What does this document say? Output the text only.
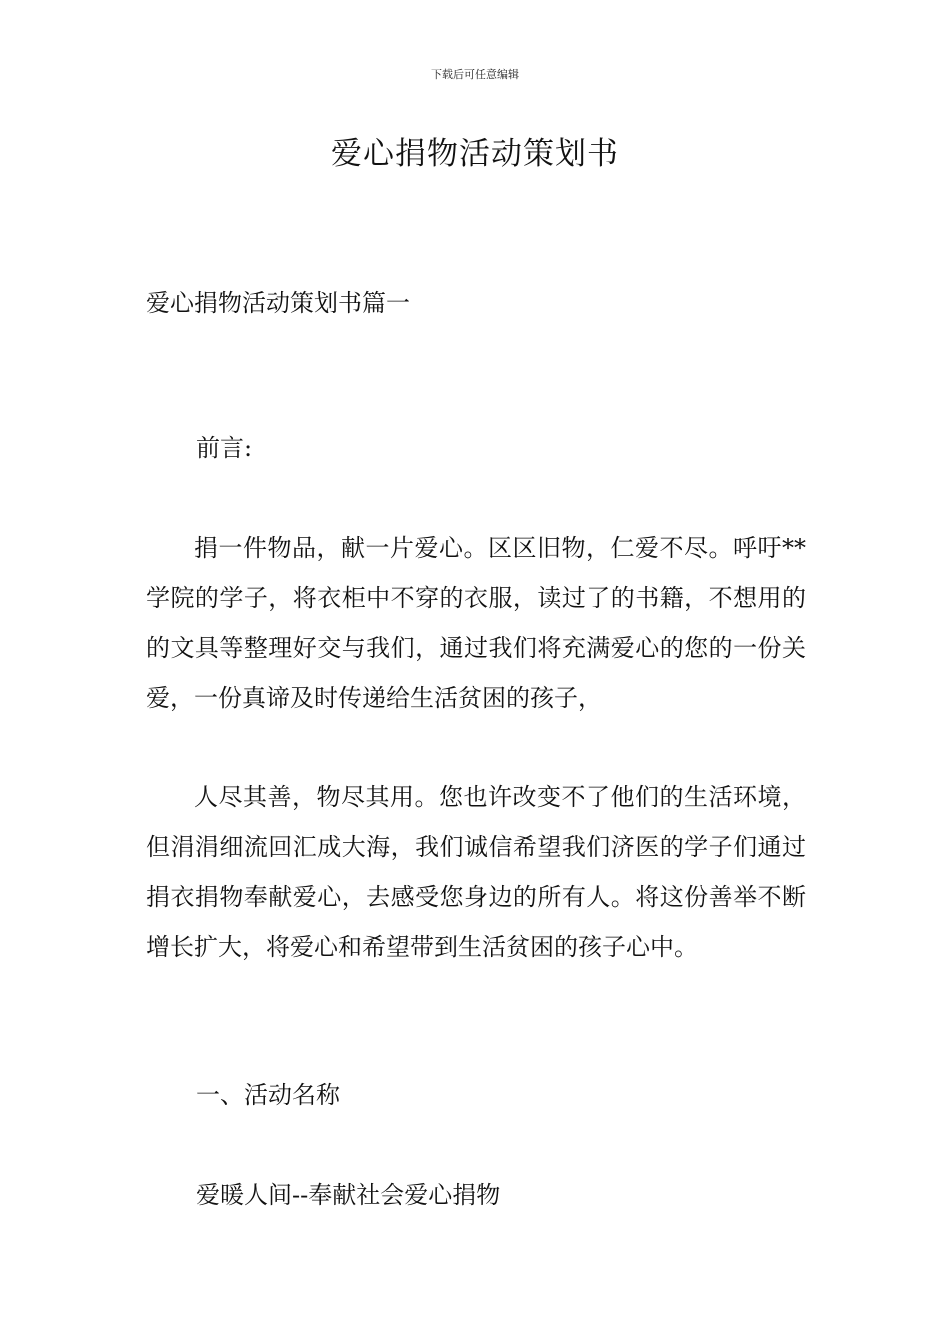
下载后可任意编辑
爱心捐物活动策划书
爱心捐物活动策划书篇一
前言:
捐一件物品，献一片爱心。区区旧物，仁爱不尽。呼吁**学院的学子，将衣柜中不穿的衣服，读过了的书籍，不想用的的文具等整理好交与我们，通过我们将充满爱心的您的一份关爱，一份真谛及时传递给生活贫困的孩子，
人尽其善，物尽其用。您也许改变不了他们的生活环境，但涓涓细流回汇成大海，我们诚信希望我们济医的学子们通过捐衣捐物奉献爱心，去感受您身边的所有人。将这份善举不断增长扩大，将爱心和希望带到生活贫困的孩子心中。
一、活动名称
爱暖人间--奉献社会爱心捐物
